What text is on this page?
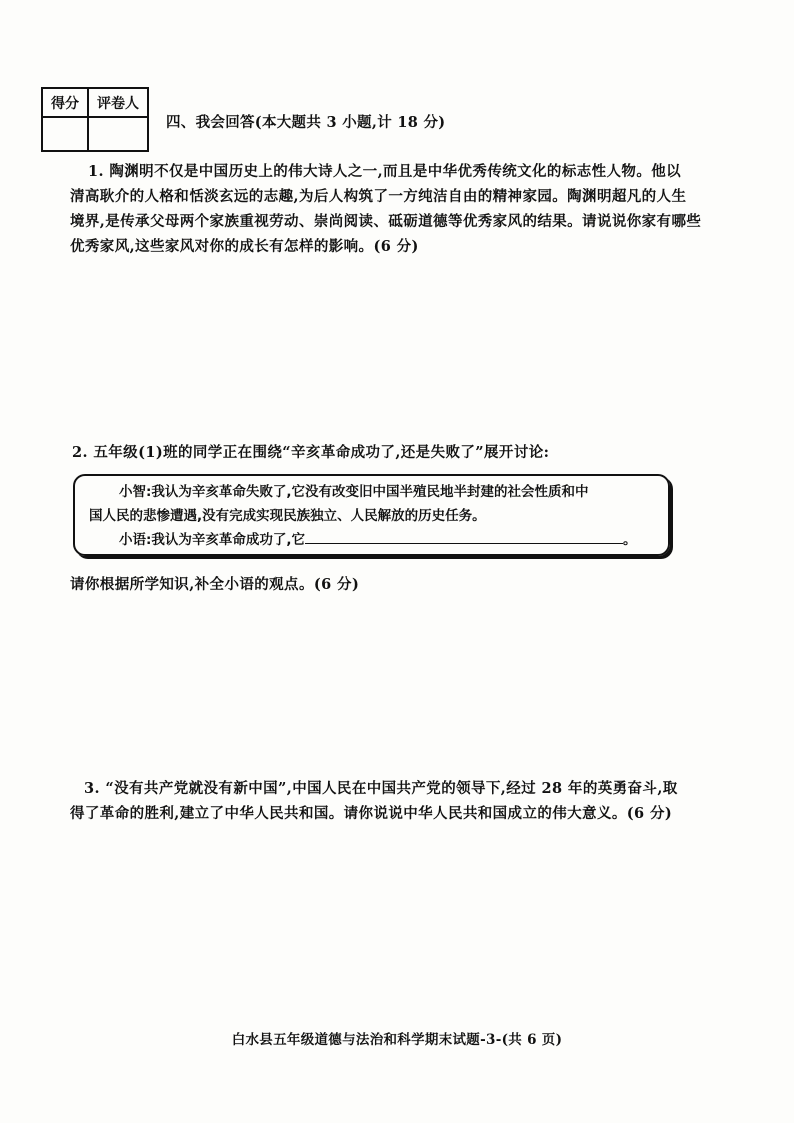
得分	评卷人

四、我会回答(本大题共 3 小题,计 18 分)

1. 陶渊明不仅是中国历史上的伟大诗人之一,而且是中华优秀传统文化的标志性人物。他以

清高耿介的人格和恬淡玄远的志趣,为后人构筑了一方纯洁自由的精神家园。陶渊明超凡的人生

境界,是传承父母两个家族重视劳动、崇尚阅读、砥砺道德等优秀家风的结果。请说说你家有哪些

优秀家风,这些家风对你的成长有怎样的影响。(6 分)

2. 五年级(1)班的同学正在围绕“辛亥革命成功了,还是失败了”展开讨论:

小智:我认为辛亥革命失败了,它没有改变旧中国半殖民地半封建的社会性质和中

国人民的悲惨遭遇,没有完成实现民族独立、人民解放的历史任务。

小语:我认为辛亥革命成功了,它	。

请你根据所学知识,补全小语的观点。(6 分)

3. “没有共产党就没有新中国”,中国人民在中国共产党的领导下,经过 28 年的英勇奋斗,取

得了革命的胜利,建立了中华人民共和国。请你说说中华人民共和国成立的伟大意义。(6 分)

白水县五年级道德与法治和科学期末试题-3-(共 6 页)
